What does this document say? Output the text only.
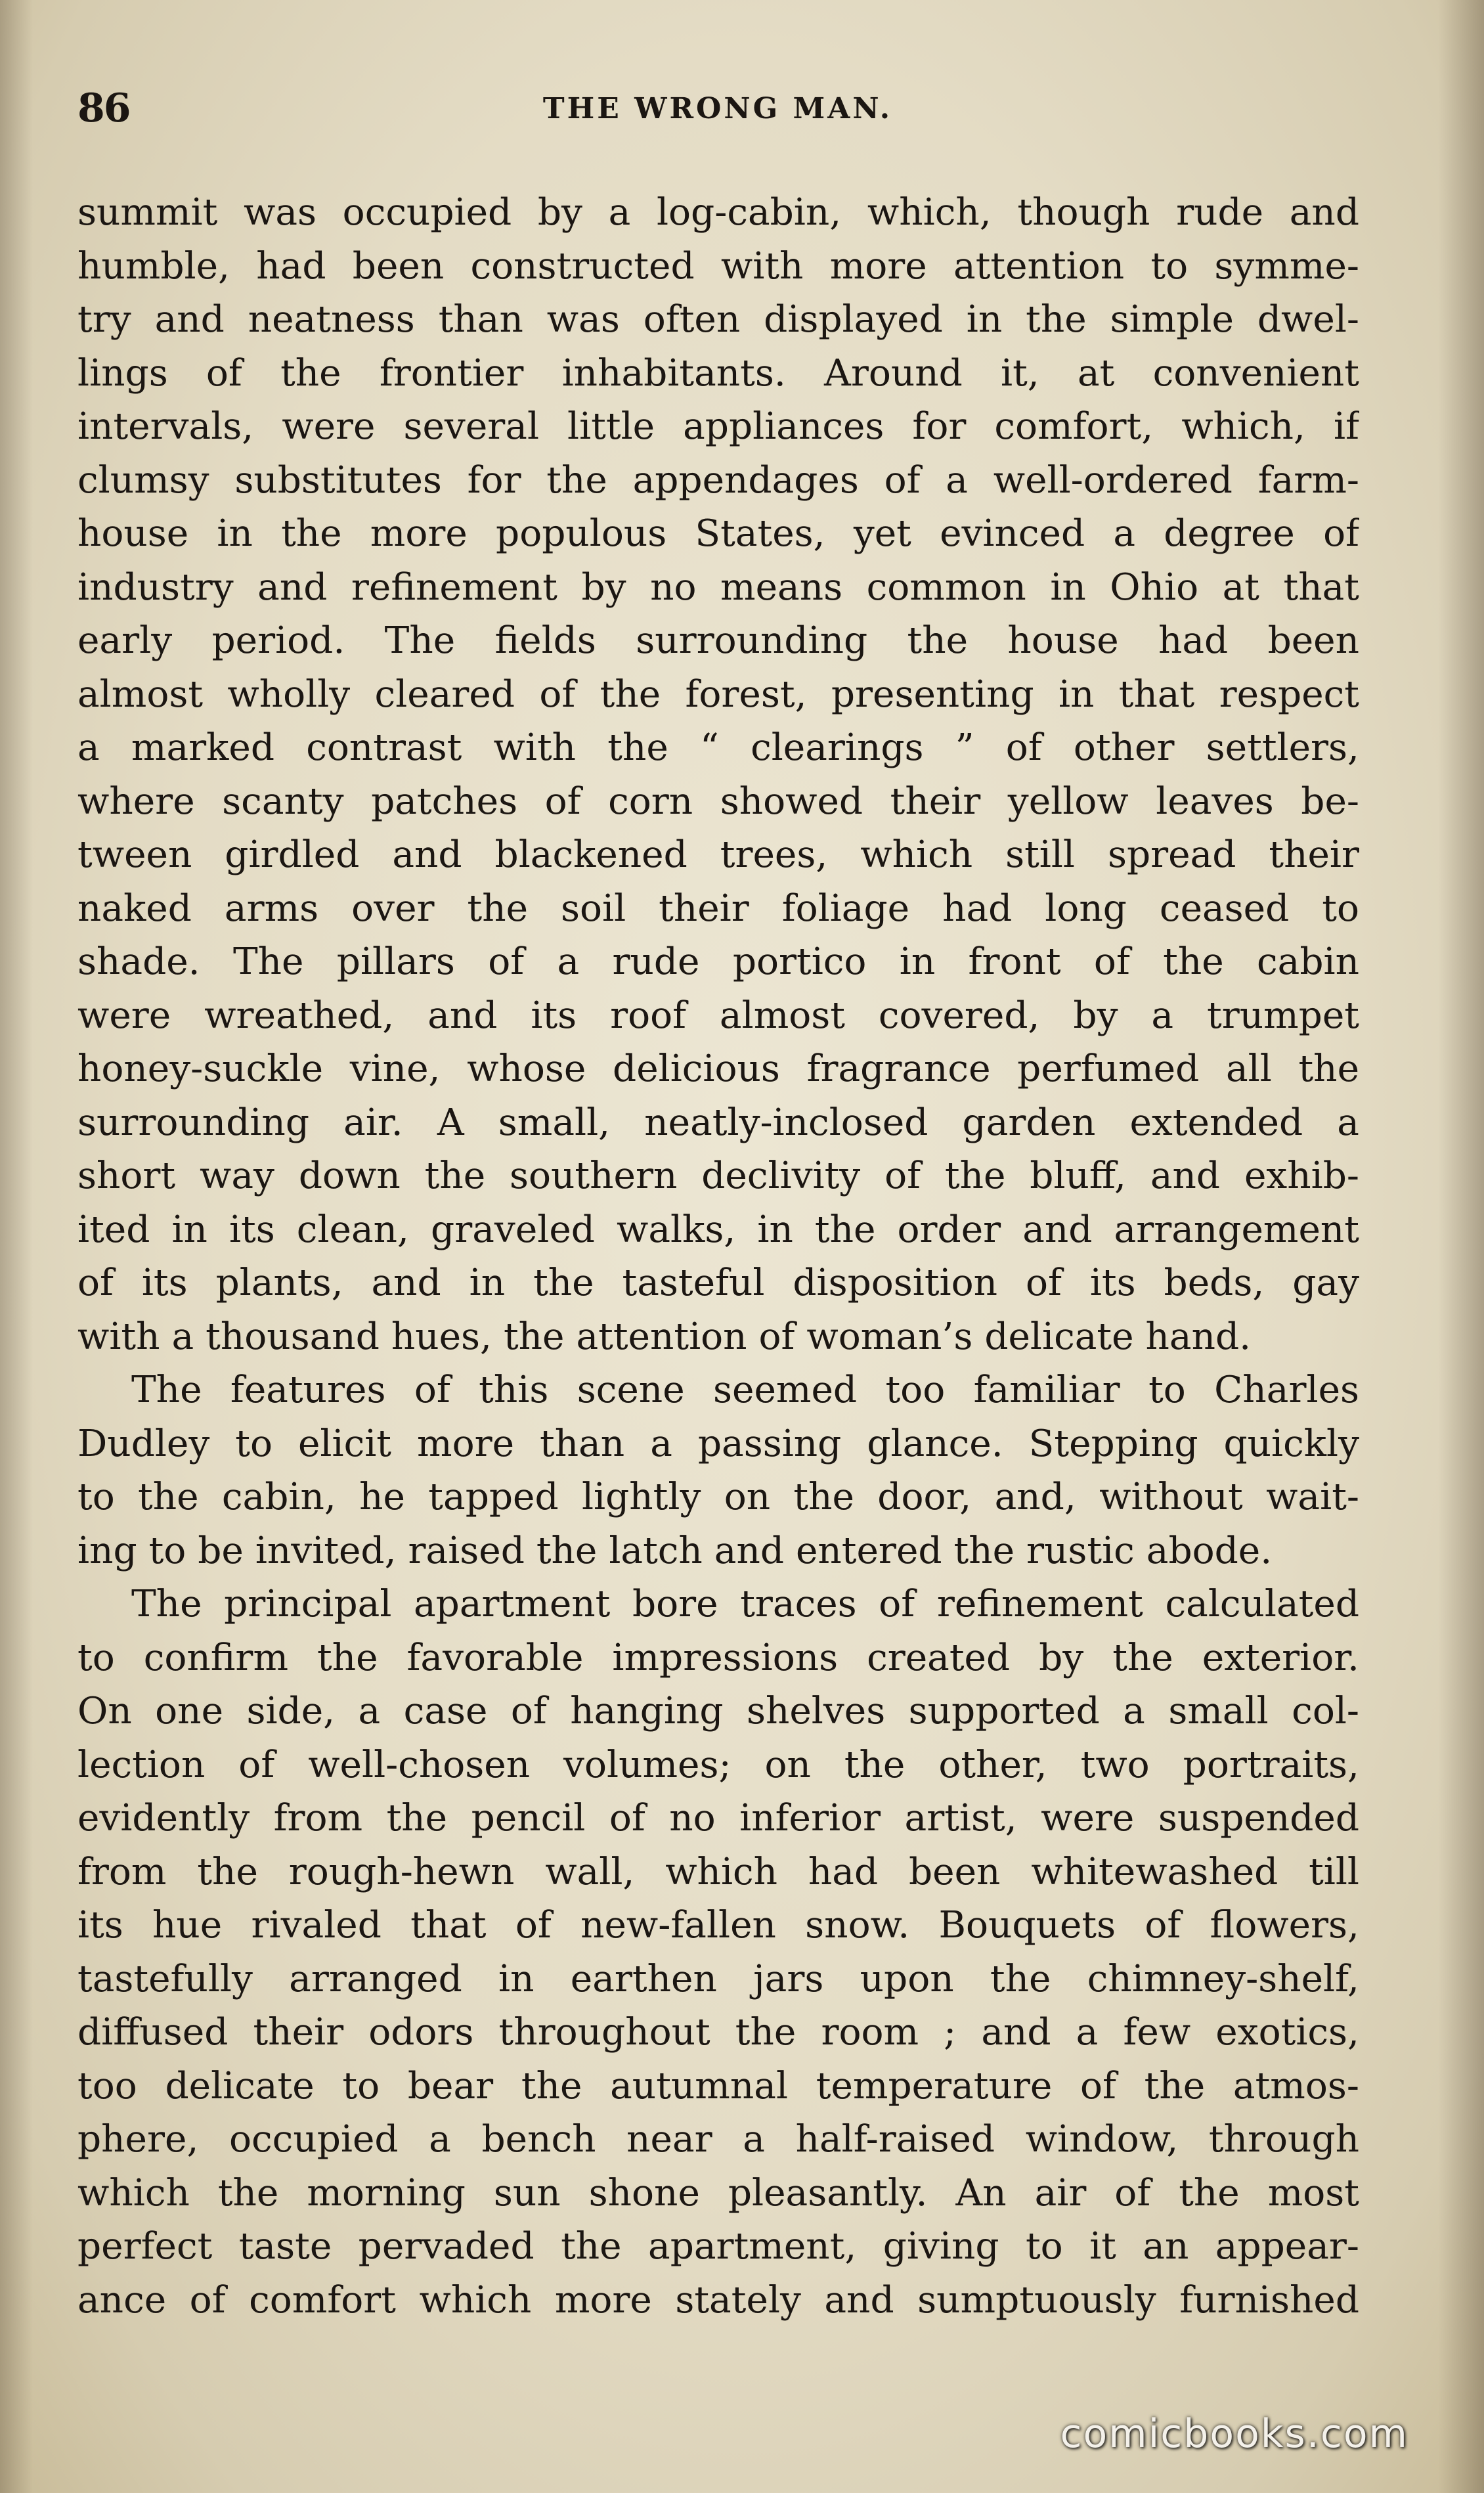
86	THE WRONG MAN.
summit was occupied by a log-cabin, which, though rude and
humble, had been constructed with more attention to symme-
try and neatness than was often displayed in the simple dwel-
lings of the frontier inhabitants. Around it, at convenient
intervals, were several little appliances for comfort, which, if
clumsy substitutes for the appendages of a well-ordered farm-
house in the more populous States, yet evinced a degree of
industry and refinement by no means common in Ohio at that
early period. The fields surrounding the house had been
almost wholly cleared of the forest, presenting in that respect
a marked contrast with the “ clearings ” of other settlers,
where scanty patches of corn showed their yellow leaves be-
tween girdled and blackened trees, which still spread their
naked arms over the soil their foliage had long ceased to
shade. The pillars of a rude portico in front of the cabin
were wreathed, and its roof almost covered, by a trumpet
honey-suckle vine, whose delicious fragrance perfumed all the
surrounding air. A small, neatly-inclosed garden extended a
short way down the southern declivity of the bluff, and exhib-
ited in its clean, graveled walks, in the order and arrangement
of its plants, and in the tasteful disposition of its beds, gay
with a thousand hues, the attention of woman’s delicate hand.
The features of this scene seemed too familiar to Charles
Dudley to elicit more than a passing glance. Stepping quickly
to the cabin, he tapped lightly on the door, and, without wait-
ing to be invited, raised the latch and entered the rustic abode.
The principal apartment bore traces of refinement calculated
to confirm the favorable impressions created by the exterior.
On one side, a case of hanging shelves supported a small col-
lection of well-chosen volumes; on the other, two portraits,
evidently from the pencil of no inferior artist, were suspended
from the rough-hewn wall, which had been whitewashed till
its hue rivaled that of new-fallen snow. Bouquets of flowers,
tastefully arranged in earthen jars upon the chimney-shelf,
diffused their odors throughout the room ; and a few exotics,
too delicate to bear the autumnal temperature of the atmos-
phere, occupied a bench near a half-raised window, through
which the morning sun shone pleasantly. An air of the most
perfect taste pervaded the apartment, giving to it an appear-
ance of comfort which more stately and sumptuously furnished
comicbooks.com
